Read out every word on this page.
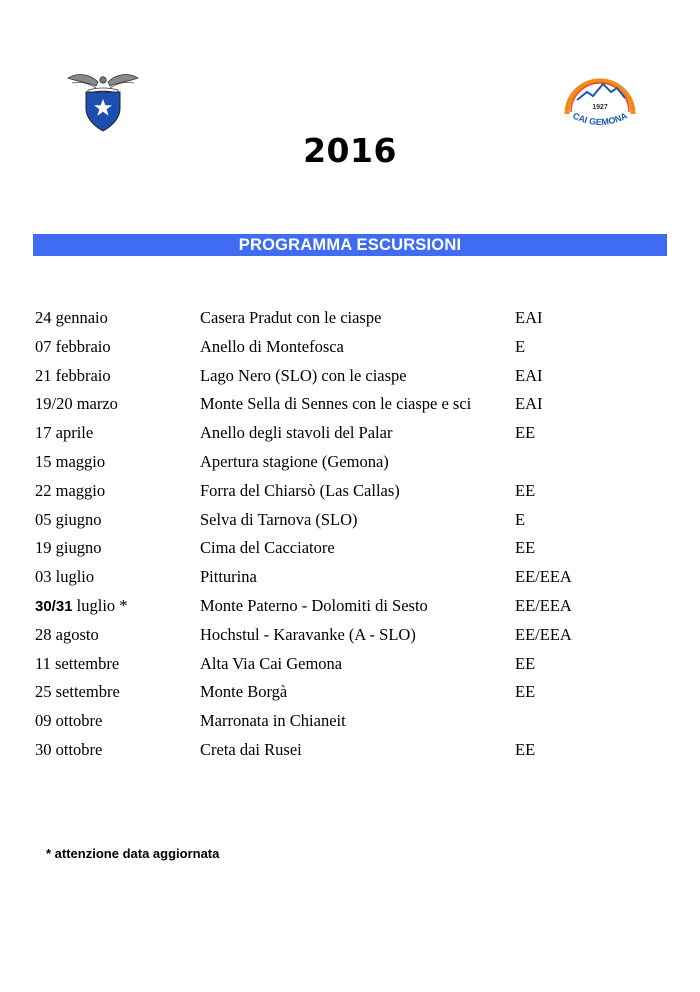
1927
CAI GEMONA
2016
PROGRAMMA ESCURSIONI
24 gennaio	Casera Pradut con le ciaspe	EAI
07 febbraio	Anello di Montefosca	E
21 febbraio	Lago Nero (SLO) con le ciaspe	EAI
19/20 marzo	Monte Sella di Sennes con le ciaspe e sci	EAI
17 aprile	Anello degli stavoli del Palar	EE
15 maggio	Apertura stagione (Gemona)
22 maggio	Forra del Chiarsò (Las Callas)	EE
05 giugno	Selva di Tarnova (SLO)	E
19 giugno	Cima del Cacciatore	EE
03 luglio	Pitturina	EE/EEA
30/31 luglio *	Monte Paterno - Dolomiti di Sesto	EE/EEA
28 agosto	Hochstul - Karavanke (A - SLO)	EE/EEA
11 settembre	Alta Via Cai Gemona	EE
25 settembre	Monte Borgà	EE
09 ottobre	Marronata in Chianeit
30 ottobre	Creta dai Rusei	EE
* attenzione data aggiornata
